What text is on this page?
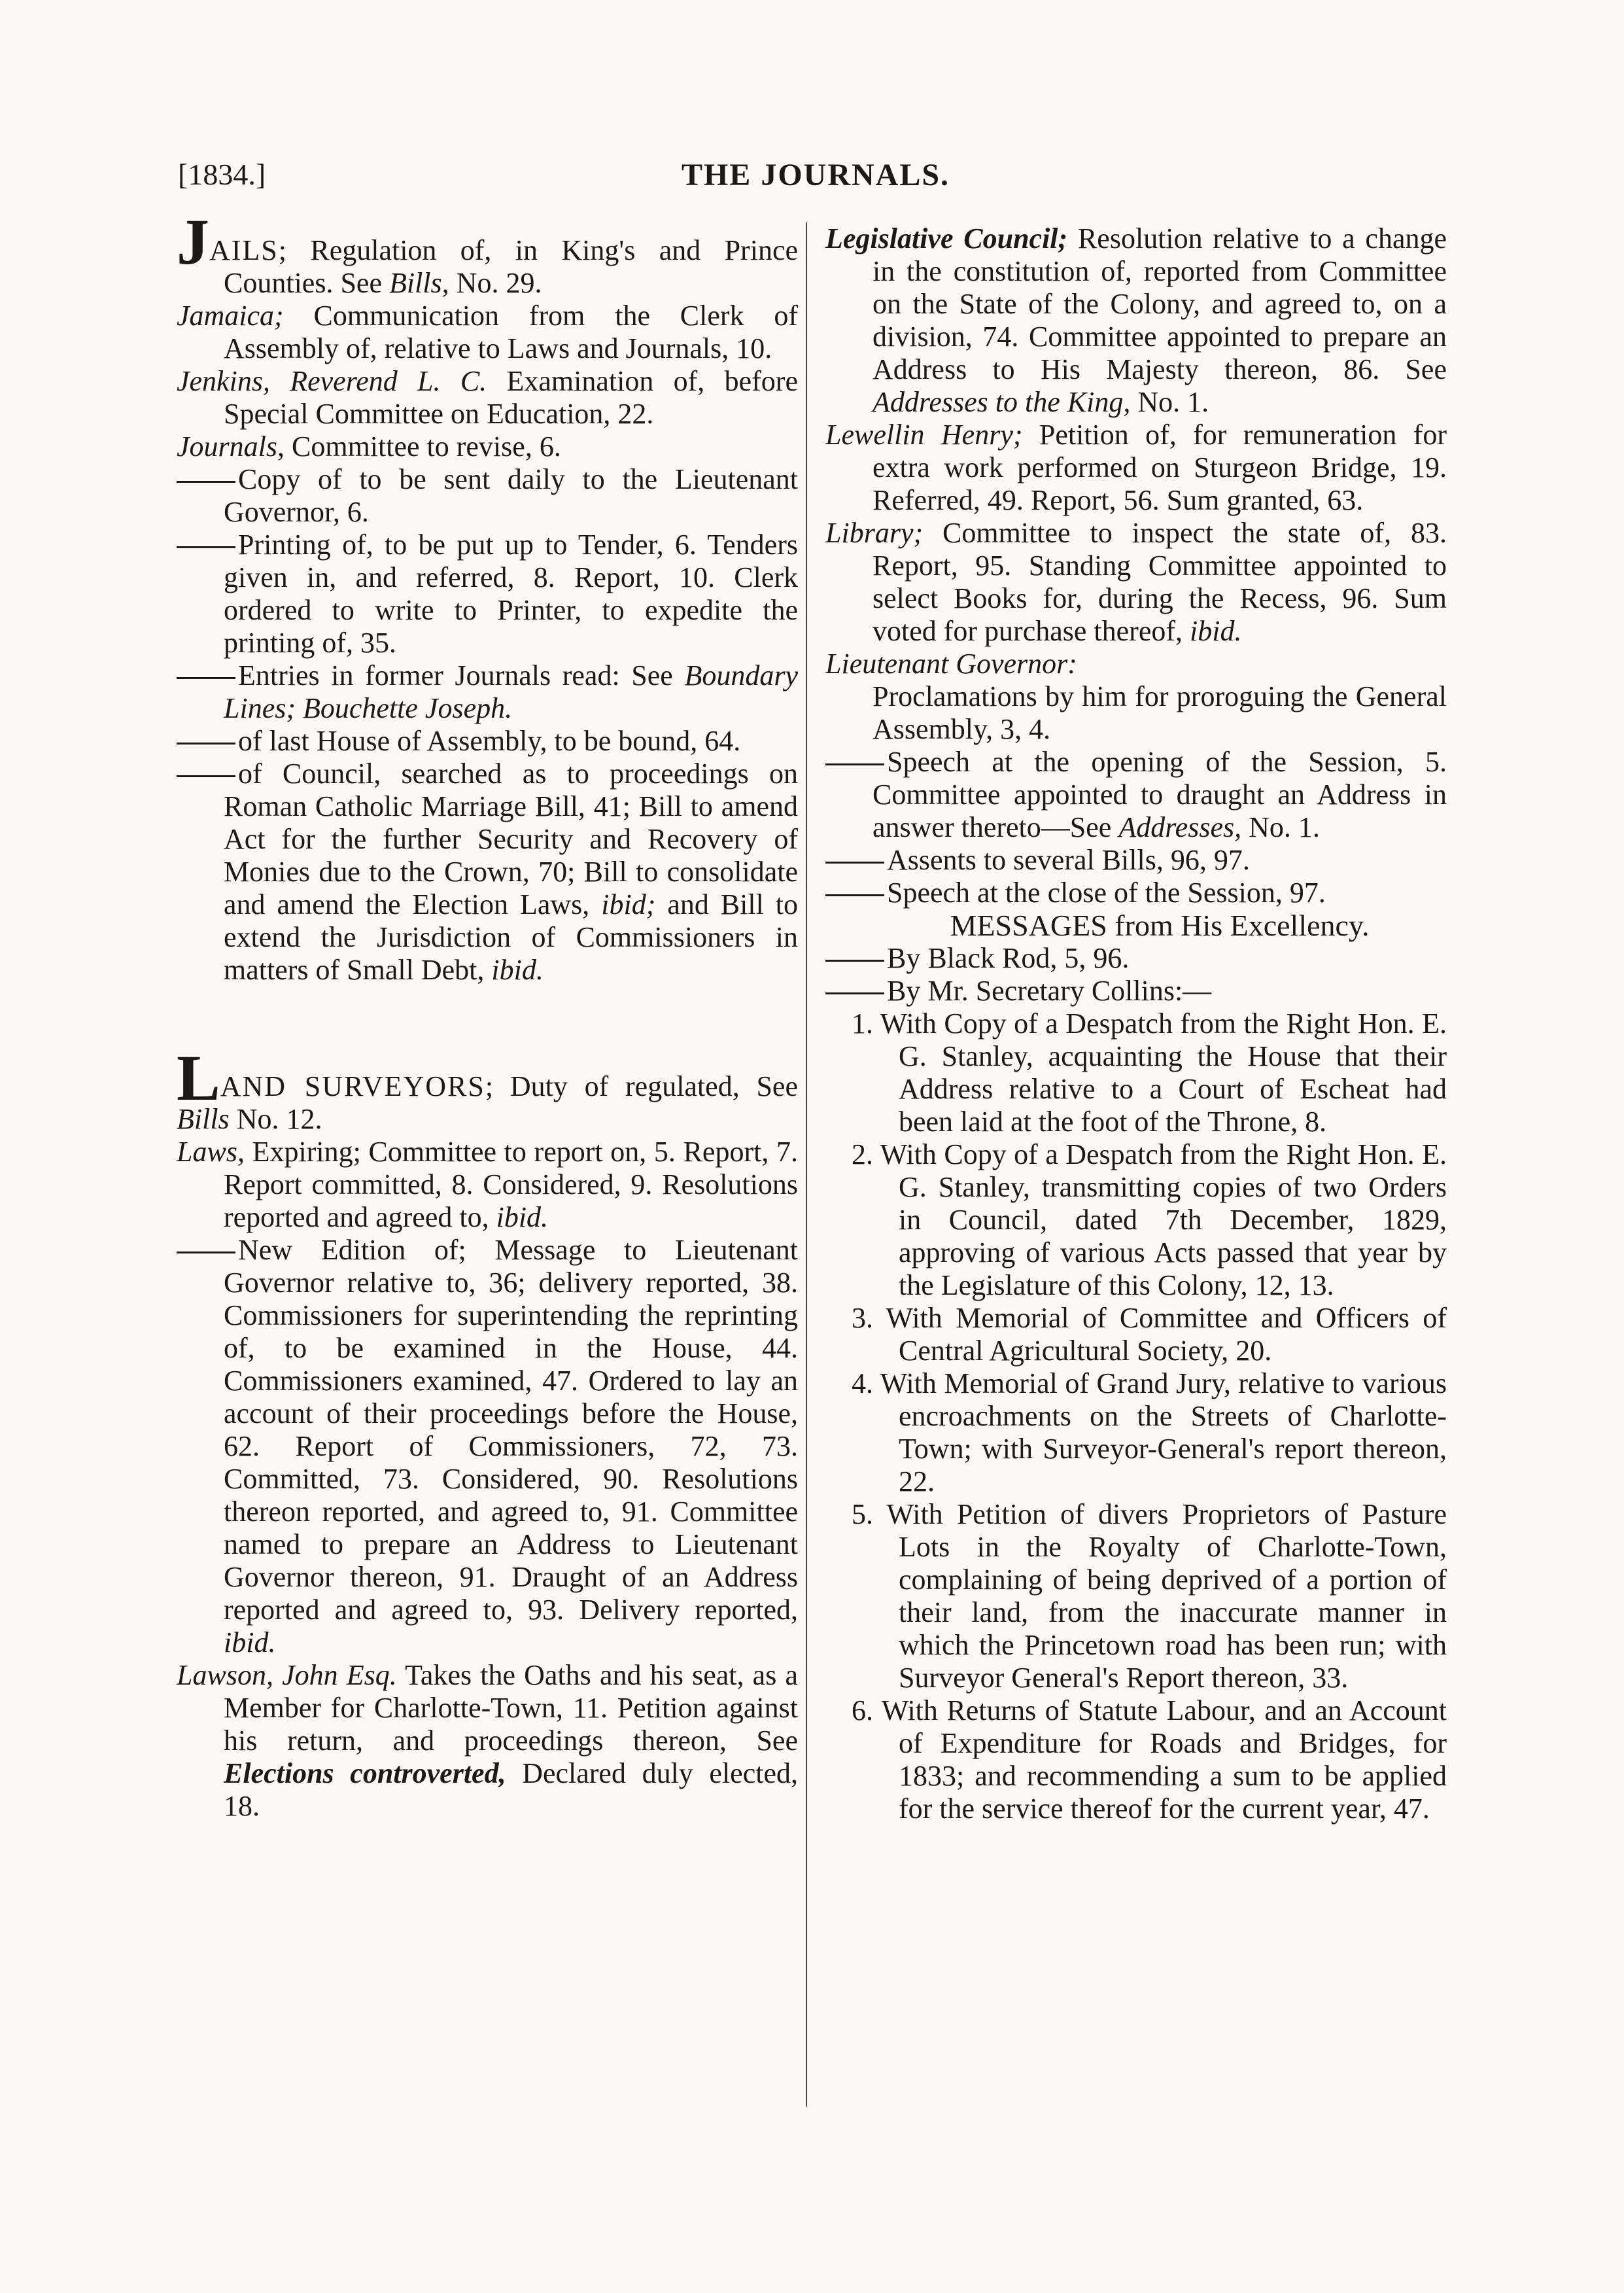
[1834.]	THE JOURNALS.

JAILS; Regulation of, in King's and Prince Counties. See Bills, No. 29.

Jamaica; Communication from the Clerk of Assembly of, relative to Laws and Journals, 10.

Jenkins, Reverend L. C. Examination of, before Special Committee on Education, 22.

Journals, Committee to revise, 6.

Copy of to be sent daily to the Lieutenant Governor, 6.

Printing of, to be put up to Tender, 6. Tenders given in, and referred, 8. Report, 10. Clerk ordered to write to Printer, to expedite the printing of, 35.

Entries in former Journals read: See Boundary Lines; Bouchette Joseph.

of last House of Assembly, to be bound, 64.

of Council, searched as to proceedings on Roman Catholic Marriage Bill, 41; Bill to amend Act for the further Security and Recovery of Monies due to the Crown, 70; Bill to consolidate and amend the Election Laws, ibid; and Bill to extend the Jurisdiction of Commissioners in matters of Small Debt, ibid.

LAND SURVEYORS; Duty of regulated, See Bills No. 12.

Laws, Expiring; Committee to report on, 5. Report, 7. Report committed, 8. Considered, 9. Resolutions reported and agreed to, ibid.

New Edition of; Message to Lieutenant Governor relative to, 36; delivery reported, 38. Commissioners for superintending the reprinting of, to be examined in the House, 44. Commissioners examined, 47. Ordered to lay an account of their proceedings before the House, 62. Report of Commissioners, 72, 73. Committed, 73. Considered, 90. Resolutions thereon reported, and agreed to, 91. Committee named to prepare an Address to Lieutenant Governor thereon, 91. Draught of an Address reported and agreed to, 93. Delivery reported, ibid.

Lawson, John Esq. Takes the Oaths and his seat, as a Member for Charlotte-Town, 11. Petition against his return, and proceedings thereon, See Elections controverted, Declared duly elected, 18.

Legislative Council; Resolution relative to a change in the constitution of, reported from Committee on the State of the Colony, and agreed to, on a division, 74. Committee appointed to prepare an Address to His Majesty thereon, 86. See Addresses to the King, No. 1.

Lewellin Henry; Petition of, for remuneration for extra work performed on Sturgeon Bridge, 19. Referred, 49. Report, 56. Sum granted, 63.

Library; Committee to inspect the state of, 83. Report, 95. Standing Committee appointed to select Books for, during the Recess, 96. Sum voted for purchase thereof, ibid.

Lieutenant Governor:

Proclamations by him for proroguing the General Assembly, 3, 4.

Speech at the opening of the Session, 5. Committee appointed to draught an Address in answer thereto—See Addresses, No. 1.

Assents to several Bills, 96, 97.

Speech at the close of the Session, 97.

MESSAGES from His Excellency.

By Black Rod, 5, 96.

By Mr. Secretary Collins:—

1. With Copy of a Despatch from the Right Hon. E. G. Stanley, acquainting the House that their Address relative to a Court of Escheat had been laid at the foot of the Throne, 8.

2. With Copy of a Despatch from the Right Hon. E. G. Stanley, transmitting copies of two Orders in Council, dated 7th December, 1829, approving of various Acts passed that year by the Legislature of this Colony, 12, 13.

3. With Memorial of Committee and Officers of Central Agricultural Society, 20.

4. With Memorial of Grand Jury, relative to various encroachments on the Streets of Charlotte-Town; with Surveyor-General's report thereon, 22.

5. With Petition of divers Proprietors of Pasture Lots in the Royalty of Charlotte-Town, complaining of being deprived of a portion of their land, from the inaccurate manner in which the Princetown road has been run; with Surveyor General's Report thereon, 33.

6. With Returns of Statute Labour, and an Account of Expenditure for Roads and Bridges, for 1833; and recommending a sum to be applied for the service thereof for the current year, 47.
